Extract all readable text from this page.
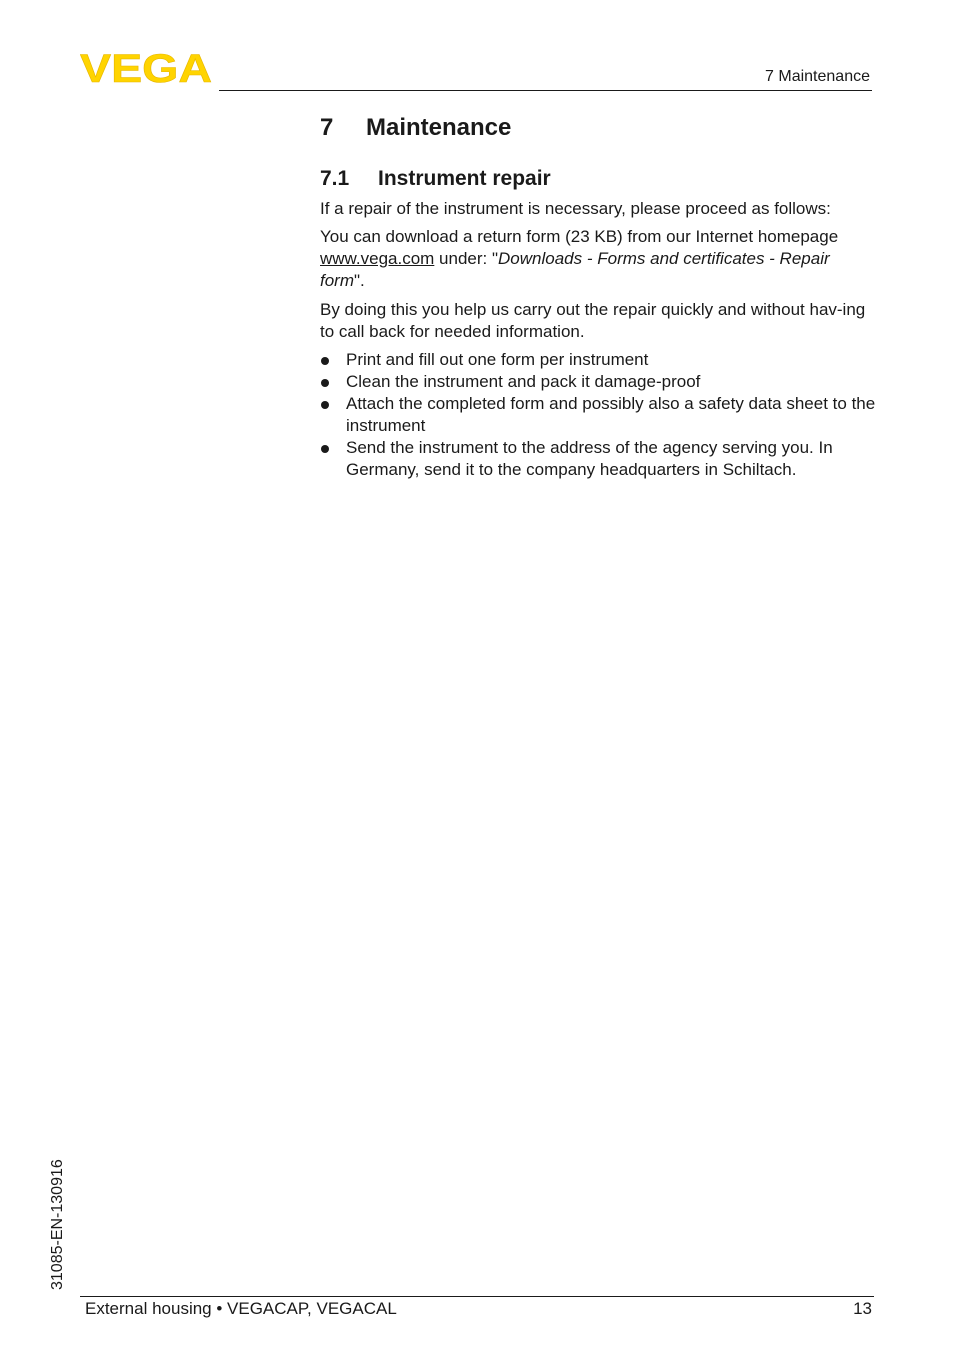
VEGA	7 Maintenance
7	Maintenance
7.1	Instrument repair

If a repair of the instrument is necessary, please proceed as follows:

You can download a return form (23 KB) from our Internet homepage www.vega.com under: "Downloads - Forms and certificates - Repair form".

By doing this you help us carry out the repair quickly and without hav-ing to call back for needed information.

Print and fill out one form per instrument
Clean the instrument and pack it damage-proof
Attach the completed form and possibly also a safety data sheet to the instrument
Send the instrument to the address of the agency serving you. In Germany, send it to the company headquarters in Schiltach.
31085-EN-130916
External housing • VEGACAP, VEGACAL	13
